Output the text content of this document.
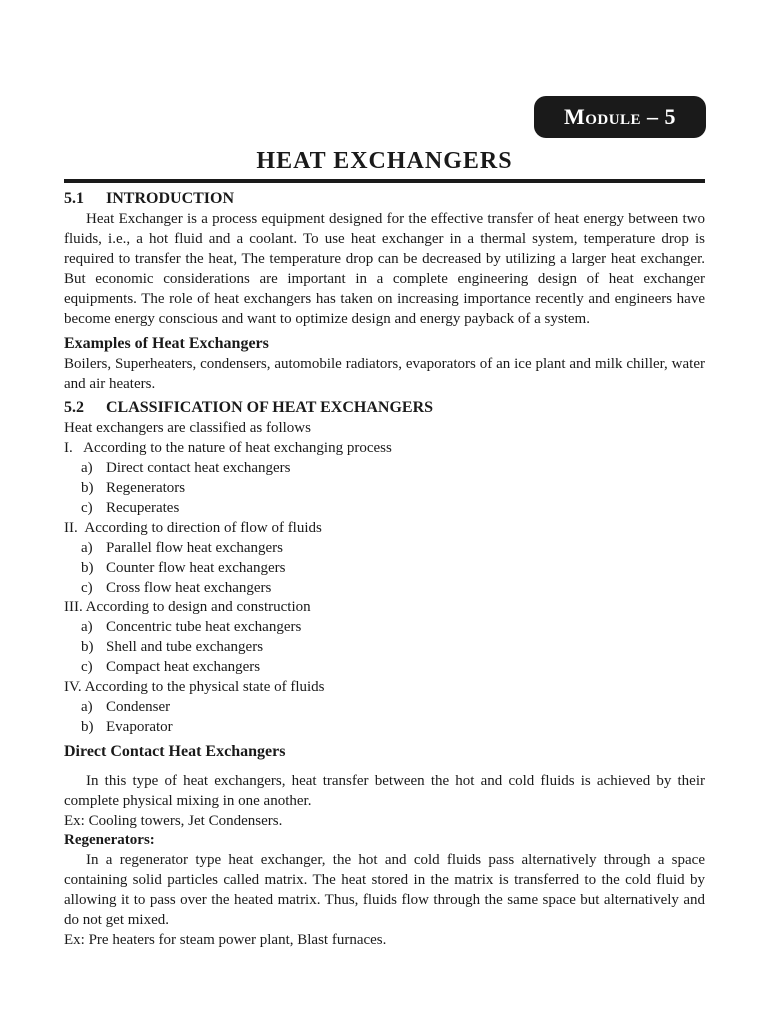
Module – 5
HEAT EXCHANGERS
5.1 INTRODUCTION

Heat Exchanger is a process equipment designed for the effective transfer of heat energy between two fluids, i.e., a hot fluid and a coolant. To use heat exchanger in a thermal system, temperature drop is required to transfer the heat, The temperature drop can be decreased by utilizing a larger heat exchanger. But economic considerations are important in a complete engineering design of heat exchanger equipments. The role of heat exchangers has taken on increasing importance recently and engineers have become energy conscious and want to optimize design and energy payback of a system.

Examples of Heat Exchangers

Boilers, Superheaters, condensers, automobile radiators, evaporators of an ice plant and milk chiller, water and air heaters.

5.2 CLASSIFICATION OF HEAT EXCHANGERS

Heat exchangers are classified as follows

I.   According to the nature of heat exchanging process

a) Direct contact heat exchangers

b) Regenerators

c) Recuperates

II.  According to direction of flow of fluids

a) Parallel flow heat exchangers

b) Counter flow heat exchangers

c) Cross flow heat exchangers

III. According to design and construction

a) Concentric tube heat exchangers

b) Shell and tube exchangers

c) Compact heat exchangers

IV. According to the physical state of fluids

a) Condenser

b) Evaporator

Direct Contact Heat Exchangers

In this type of heat exchangers, heat transfer between the hot and cold fluids is achieved by their complete physical mixing in one another.

Ex: Cooling towers, Jet Condensers.

Regenerators:

In a regenerator type heat exchanger, the hot and cold fluids pass alternatively through a space containing solid particles called matrix. The heat stored in the matrix is transferred to the cold fluid by allowing it to pass over the heated matrix. Thus, fluids flow through the same space but alternatively and do not get mixed.

Ex: Pre heaters for steam power plant, Blast furnaces.
